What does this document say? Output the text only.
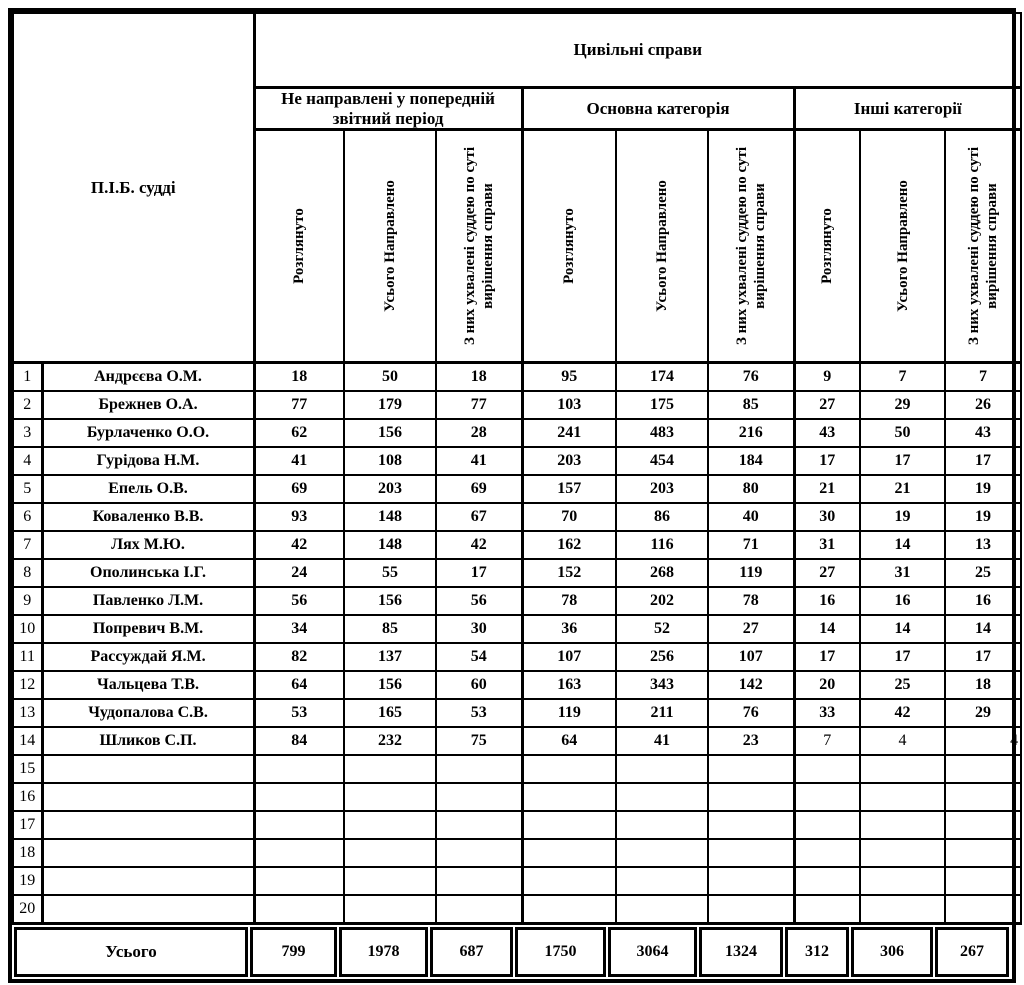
П.І.Б. судді		Цивільні справи								
		Не направлені у попередній звітний період			Основна категорія			Інші категорії		

		Розглянуто	Усього Направлено	З них ухвалені суддею по суті вирішення справи	Розглянуто	Усього Направлено	З них ухвалені суддею по суті вирішення справи	Розглянуто	Усього Направлено	З них ухвалені суддею по суті вирішення справи

1	Андрєєва О.М.	18	50	18	95	174	76	9	7	7
2	Брежнев О.А.	77	179	77	103	175	85	27	29	26
3	Бурлаченко О.О.	62	156	28	241	483	216	43	50	43
4	Гурідова Н.М.	41	108	41	203	454	184	17	17	17
5	Епель О.В.	69	203	69	157	203	80	21	21	19
6	Коваленко В.В.	93	148	67	70	86	40	30	19	19
7	Лях М.Ю.	42	148	42	162	116	71	31	14	13
8	Ополинська І.Г.	24	55	17	152	268	119	27	31	25
9	Павленко Л.М.	56	156	56	78	202	78	16	16	16
10	Попревич В.М.	34	85	30	36	52	27	14	14	14
11	Рассуждай Я.М.	82	137	54	107	256	107	17	17	17
12	Чальцева Т.В.	64	156	60	163	343	142	20	25	18
13	Чудопалова С.В.	53	165	53	119	211	76	33	42	29
14	Шликов С.П.	84	232	75	64	41	23	7	4	4
15										
16										
17										
18										
19										
20										
Усього	799	1978	687	1750	3064	1324	312	306	267
